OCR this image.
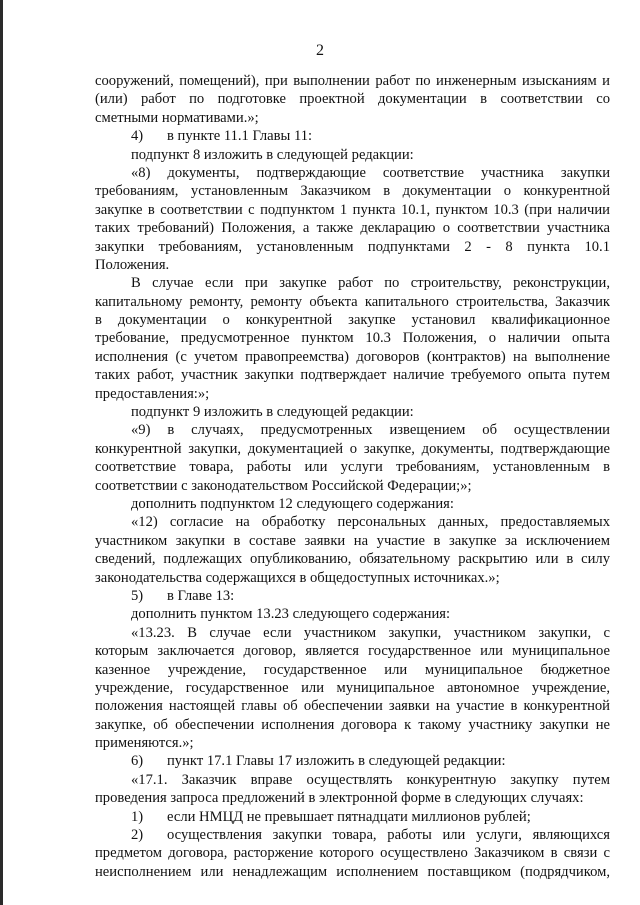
2
сооружений, помещений), при выполнении работ по инженерным изысканиям и
(или) работ по подготовке проектной документации в соответствии со
сметными нормативами.»;
4) в пункте 11.1 Главы 11:
подпункт 8 изложить в следующей редакции:
«8) документы, подтверждающие соответствие участника закупки
требованиям, установленным Заказчиком в документации о конкурентной
закупке в соответствии с подпунктом 1 пункта 10.1, пунктом 10.3 (при наличии
таких требований) Положения, а также декларацию о соответствии участника
закупки требованиям, установленным подпунктами 2 - 8 пункта 10.1
Положения.
В случае если при закупке работ по строительству, реконструкции,
капитальному ремонту, ремонту объекта капитального строительства, Заказчик
в документации о конкурентной закупке установил квалификационное
требование, предусмотренное пунктом 10.3 Положения, о наличии опыта
исполнения (с учетом правопреемства) договоров (контрактов) на выполнение
таких работ, участник закупки подтверждает наличие требуемого опыта путем
предоставления:»;
подпункт 9 изложить в следующей редакции:
«9) в случаях, предусмотренных извещением об осуществлении
конкурентной закупки, документацией о закупке, документы, подтверждающие
соответствие товара, работы или услуги требованиям, установленным в
соответствии с законодательством Российской Федерации;»;
дополнить подпунктом 12 следующего содержания:
«12) согласие на обработку персональных данных, предоставляемых
участником закупки в составе заявки на участие в закупке за исключением
сведений, подлежащих опубликованию, обязательному раскрытию или в силу
законодательства содержащихся в общедоступных источниках.»;
5) в Главе 13:
дополнить пунктом 13.23 следующего содержания:
«13.23. В случае если участником закупки, участником закупки, с
которым заключается договор, является государственное или муниципальное
казенное учреждение, государственное или муниципальное бюджетное
учреждение, государственное или муниципальное автономное учреждение,
положения настоящей главы об обеспечении заявки на участие в конкурентной
закупке, об обеспечении исполнения договора к такому участнику закупки не
применяются.»;
6) пункт 17.1 Главы 17 изложить в следующей редакции:
«17.1. Заказчик вправе осуществлять конкурентную закупку путем
проведения запроса предложений в электронной форме в следующих случаях:
1) если НМЦД не превышает пятнадцати миллионов рублей;
2) осуществления закупки товара, работы или услуги, являющихся
предметом договора, расторжение которого осуществлено Заказчиком в связи с
неисполнением или ненадлежащим исполнением поставщиком (подрядчиком,
